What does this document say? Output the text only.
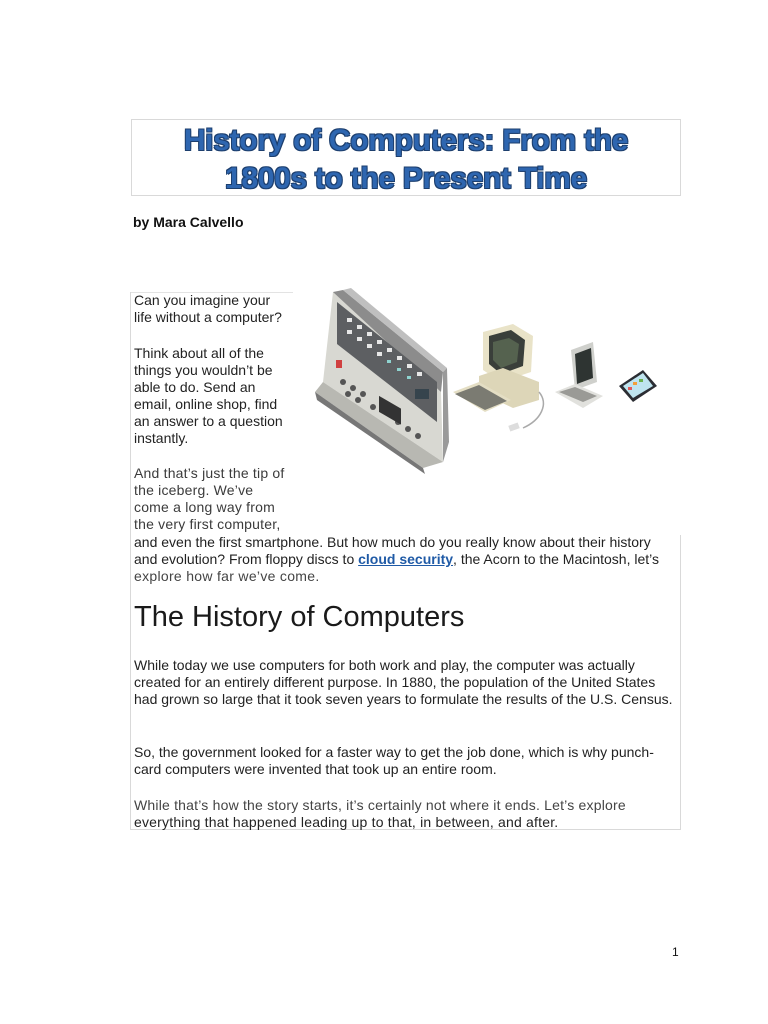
History of Computers: From the
1800s to the Present Time

by Mara Calvello

Can you imagine your

life without a computer?

Think about all of the

things you wouldn’t be

able to do. Send an

email, online shop, find

an answer to a question

instantly.

And that’s just the tip of

the iceberg. We’ve

come a long way from

the very first computer,

and even the first smartphone. But how much do you really know about their history

and evolution? From floppy discs to cloud security, the Acorn to the Macintosh, let’s

explore how far we’ve come.

The History of Computers
While today we use computers for both work and play, the computer was actually created for an entirely different purpose. In 1880, the population of the United States had grown so large that it took seven years to formulate the results of the U.S. Census.
So, the government looked for a faster way to get the job done, which is why punch-card computers were invented that took up an entire room.

While that’s how the story starts, it’s certainly not where it ends. Let’s explore

everything that happened leading up to that, in between, and after.

1
